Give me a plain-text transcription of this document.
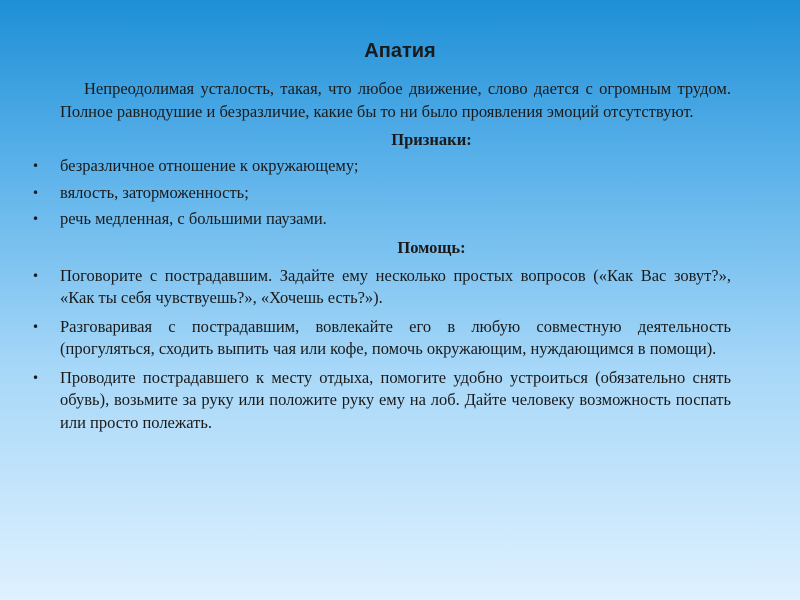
Апатия

Непреодолимая усталость, такая, что любое движение, слово дается с огромным трудом. Полное равнодушие и безразличие, какие бы то ни было проявления эмоций отсутствуют.

Признаки:
• безразличное отношение к окружающему;
• вялость, заторможенность;
• речь медленная, с большими паузами.
Помощь:
• Поговорите с пострадавшим. Задайте ему несколько простых вопросов («Как Вас зовут?», «Как ты себя чувствуешь?», «Хочешь есть?»).
• Разговаривая с пострадавшим, вовлекайте его в любую совместную деятельность (прогуляться, сходить выпить чая или кофе, помочь окружающим, нуждающимся в помощи).
• Проводите пострадавшего к месту отдыха, помогите удобно устроиться (обязательно снять обувь), возьмите за руку или положите руку ему на лоб. Дайте человеку возможность поспать или просто полежать.
